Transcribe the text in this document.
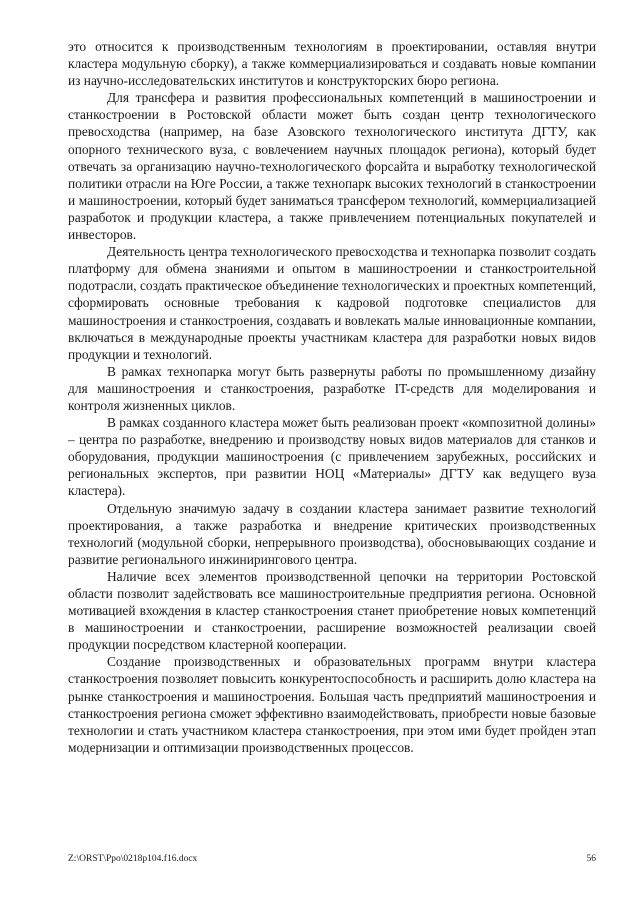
это относится к производственным технологиям в проектировании, оставляя внутри кластера модульную сборку), а также коммерциализироваться и создавать новые компании из научно-исследовательских институтов и конструкторских бюро региона.

Для трансфера и развития профессиональных компетенций в машиностроении и станкостроении в Ростовской области может быть создан центр технологического превосходства (например, на базе Азовского технологического института ДГТУ, как опорного технического вуза, с вовлечением научных площадок региона), который будет отвечать за организацию научно-технологического форсайта и выработку технологической политики отрасли на Юге России, а также технопарк высоких технологий в станкостроении и машиностроении, который будет заниматься трансфером технологий, коммерциализацией разработок и продукции кластера, а также привлечением потенциальных покупателей и инвесторов.

Деятельность центра технологического превосходства и технопарка позволит создать платформу для обмена знаниями и опытом в машиностроении и станкостроительной подотрасли, создать практическое объединение технологических и проектных компетенций, сформировать основные требования к кадровой подготовке специалистов для машиностроения и станкостроения, создавать и вовлекать малые инновационные компании, включаться в международные проекты участникам кластера для разработки новых видов продукции и технологий.

В рамках технопарка могут быть развернуты работы по промышленному дизайну для машиностроения и станкостроения, разработке IT-средств для моделирования и контроля жизненных циклов.

В рамках созданного кластера может быть реализован проект «композитной долины» – центра по разработке, внедрению и производству новых видов материалов для станков и оборудования, продукции машиностроения (с привлечением зарубежных, российских и региональных экспертов, при развитии НОЦ «Материалы» ДГТУ как ведущего вуза кластера).

Отдельную значимую задачу в создании кластера занимает развитие технологий проектирования, а также разработка и внедрение критических производственных технологий (модульной сборки, непрерывного производства), обосновывающих создание и развитие регионального инжинирингового центра.

Наличие всех элементов производственной цепочки на территории Ростовской области позволит задействовать все машиностроительные предприятия региона. Основной мотивацией вхождения в кластер станкостроения станет приобретение новых компетенций в машиностроении и станкостроении, расширение возможностей реализации своей продукции посредством кластерной кооперации.

Создание производственных и образовательных программ внутри кластера станкостроения позволяет повысить конкурентоспособность и расширить долю кластера на рынке станкостроения и машиностроения. Большая часть предприятий машиностроения и станкостроения региона сможет эффективно взаимодействовать, приобрести новые базовые технологии и стать участником кластера станкостроения, при этом ими будет пройден этап модернизации и оптимизации производственных процессов.

Z:\ORST\Ppo\0218p104.f16.docx	56
